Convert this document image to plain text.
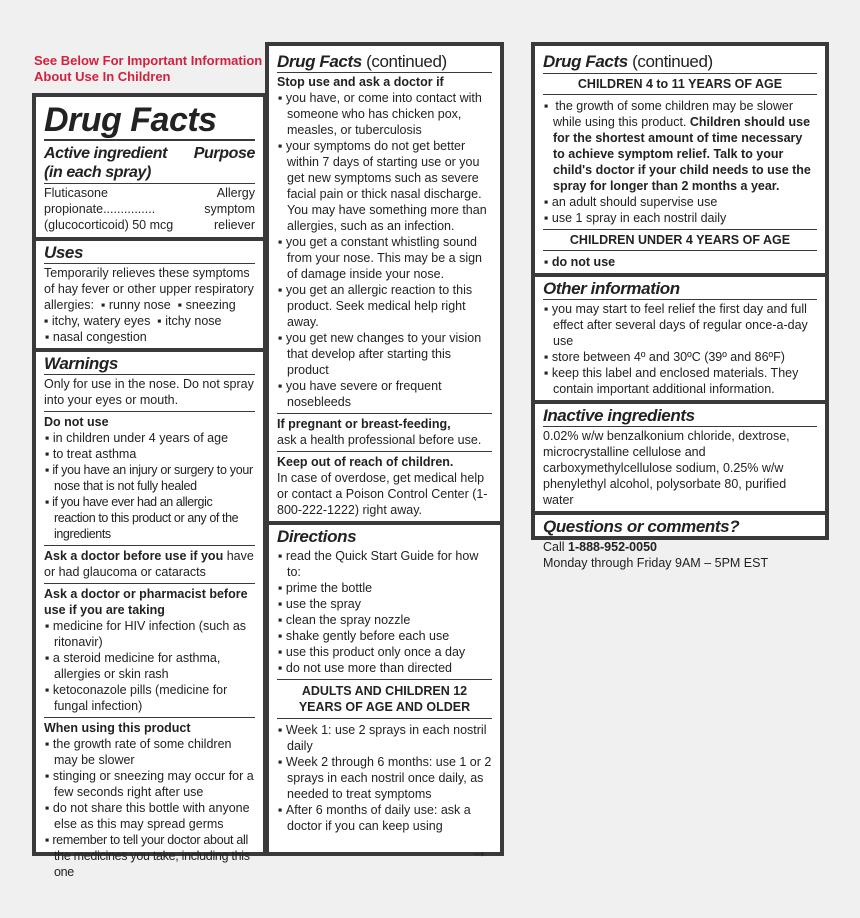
See Below For Important Information
About Use In Children
Drug Facts
Active ingredient Purpose
(in each spray)
Fluticasone propionate...............
(glucocorticoid) 50 mcg
Allergy
symptom
reliever
Uses
Temporarily relieves these symptoms
of hay fever or other upper respiratory
allergies: ▪ runny nose ▪ sneezing
▪ itchy, watery eyes ▪ itchy nose
▪ nasal congestion
Warnings
Only for use in the nose. Do not spray
into your eyes or mouth.
Do not use
▪ in children under 4 years of age
▪ to treat asthma
▪ if you have an injury or surgery to your nose that is not fully healed
▪ if you have ever had an allergic reaction to this product or any of the ingredients
Ask a doctor before use if you have
or had glaucoma or cataracts
Ask a doctor or pharmacist before use if you are taking
▪ medicine for HIV infection (such as ritonavir)
▪ a steroid medicine for asthma, allergies or skin rash
▪ ketoconazole pills (medicine for fungal infection)
When using this product
▪ the growth rate of some children may be slower
▪ stinging or sneezing may occur for a few seconds right after use
▪ do not share this bottle with anyone else as this may spread germs
▪ remember to tell your doctor about all the medicines you take, including this one
Drug Facts (continued)
Stop use and ask a doctor if
▪ you have, or come into contact with someone who has chicken pox, measles, or tuberculosis
▪ your symptoms do not get better within 7 days of starting use or you get new symptoms such as severe facial pain or thick nasal discharge. You may have something more than allergies, such as an infection.
▪ you get a constant whistling sound from your nose. This may be a sign of damage inside your nose.
▪ you get an allergic reaction to this product. Seek medical help right away.
▪ you get new changes to your vision that develop after starting this product
▪ you have severe or frequent nosebleeds
If pregnant or breast-feeding,
ask a health professional before use.
Keep out of reach of children.
In case of overdose, get medical help or contact a Poison Control Center (1-800-222-1222) right away.
Directions
▪ read the Quick Start Guide for how to:
▪ prime the bottle
▪ use the spray
▪ clean the spray nozzle
▪ shake gently before each use
▪ use this product only once a day
▪ do not use more than directed
ADULTS AND CHILDREN 12 YEARS OF AGE AND OLDER
▪ Week 1: use 2 sprays in each nostril daily
▪ Week 2 through 6 months: use 1 or 2 sprays in each nostril once daily, as needed to treat symptoms
▪ After 6 months of daily use: ask a doctor if you can keep using
→
Drug Facts (continued)
CHILDREN 4 to 11 YEARS OF AGE
▪ the growth of some children may be slower while using this product. Children should use for the shortest amount of time necessary to achieve symptom relief. Talk to your child's doctor if your child needs to use the spray for longer than 2 months a year.
▪ an adult should supervise use
▪ use 1 spray in each nostril daily
CHILDREN UNDER 4 YEARS OF AGE
▪ do not use
Other information
▪ you may start to feel relief the first day and full effect after several days of regular once-a-day use
▪ store between 4º and 30ºC (39º and 86ºF)
▪ keep this label and enclosed materials. They contain important additional information.
Inactive ingredients
0.02% w/w benzalkonium chloride, dextrose, microcrystalline cellulose and carboxymethylcellulose sodium, 0.25% w/w phenylethyl alcohol, polysorbate 80, purified water
Questions or comments?
Call 1-888-952-0050
Monday through Friday 9AM – 5PM EST
